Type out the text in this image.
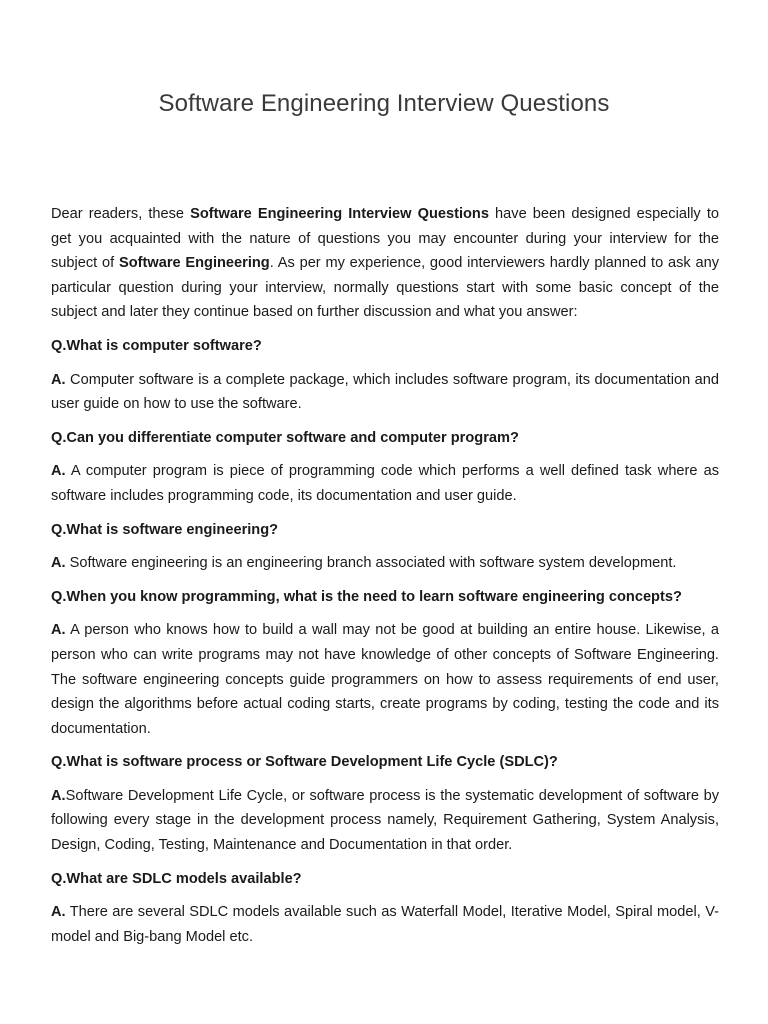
Software Engineering Interview Questions

Dear readers, these Software Engineering Interview Questions have been designed especially to get you acquainted with the nature of questions you may encounter during your interview for the subject of Software Engineering. As per my experience, good interviewers hardly planned to ask any particular question during your interview, normally questions start with some basic concept of the subject and later they continue based on further discussion and what you answer:

Q.What is computer software?

A. Computer software is a complete package, which includes software program, its documentation and user guide on how to use the software.

Q.Can you differentiate computer software and computer program?

A. A computer program is piece of programming code which performs a well defined task where as software includes programming code, its documentation and user guide.

Q.What is software engineering?

A. Software engineering is an engineering branch associated with software system development.

Q.When you know programming, what is the need to learn software engineering concepts?

A. A person who knows how to build a wall may not be good at building an entire house. Likewise, a person who can write programs may not have knowledge of other concepts of Software Engineering. The software engineering concepts guide programmers on how to assess requirements of end user, design the algorithms before actual coding starts, create programs by coding, testing the code and its documentation.

Q.What is software process or Software Development Life Cycle (SDLC)?

A.Software Development Life Cycle, or software process is the systematic development of software by following every stage in the development process namely, Requirement Gathering, System Analysis, Design, Coding, Testing, Maintenance and Documentation in that order.

Q.What are SDLC models available?

A. There are several SDLC models available such as Waterfall Model, Iterative Model, Spiral model, V-model and Big-bang Model etc.
